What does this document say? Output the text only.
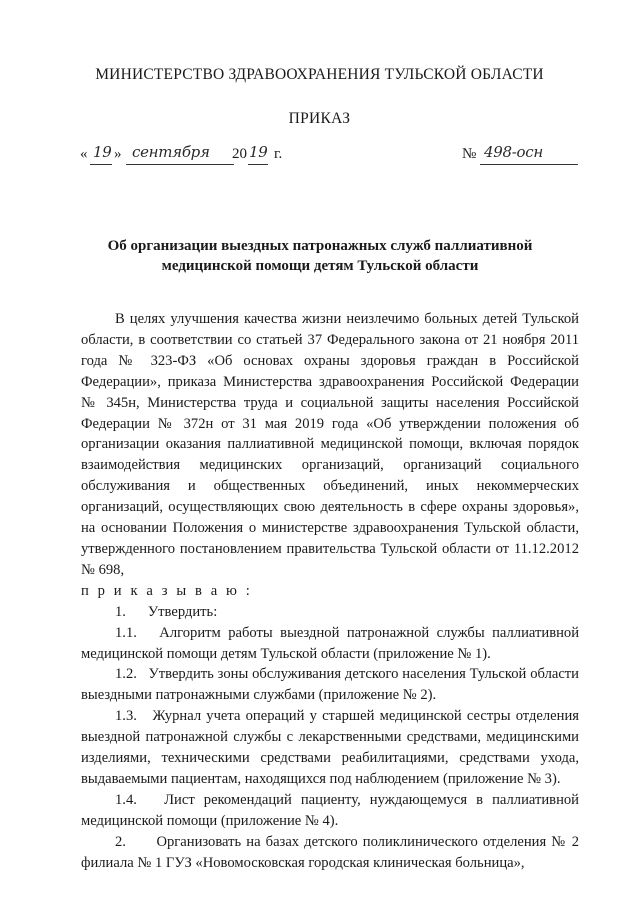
МИНИСТЕРСТВО ЗДРАВООХРАНЕНИЯ ТУЛЬСКОЙ ОБЛАСТИ
ПРИКАЗ
« 19 » сентября 20 19 г.	№ 498-осн
Об организации выездных патронажных служб паллиативной
медицинской помощи детям Тульской области

В целях улучшения качества жизни неизлечимо больных детей Тульской области, в соответствии со статьей 37 Федерального закона от 21 ноября 2011 года № 323-ФЗ «Об основах охраны здоровья граждан в Российской Федерации», приказа Министерства здравоохранения Российской Федерации № 345н, Министерства труда и социальной защиты населения Российской Федерации № 372н от 31 мая 2019 года «Об утверждении положения об организации оказания паллиативной медицинской помощи, включая порядок взаимодействия медицинских организаций, организаций социального обслуживания и общественных объединений, иных некоммерческих организаций, осуществляющих свою деятельность в сфере охраны здоровья», на основании Положения о министерстве здравоохранения Тульской области, утвержденного постановлением правительства Тульской области от 11.12.2012 № 698,

п р и к а з ы в а ю :

1.      Утвердить:

1.1.   Алгоритм работы выездной патронажной службы паллиативной медицинской помощи детям Тульской области (приложение № 1).

1.2.   Утвердить зоны обслуживания детского населения Тульской области выездными патронажными службами (приложение № 2).

1.3.   Журнал учета операций у старшей медицинской сестры отделения выездной патронажной службы с лекарственными средствами, медицинскими изделиями, техническими средствами реабилитациями, средствами ухода, выдаваемыми пациентам, находящихся под наблюдением (приложение № 3).

1.4.   Лист рекомендаций пациенту, нуждающемуся в паллиативной медицинской помощи (приложение № 4).

2.      Организовать на базах детского поликлинического отделения № 2 филиала № 1 ГУЗ «Новомосковская городская клиническая больница»,
